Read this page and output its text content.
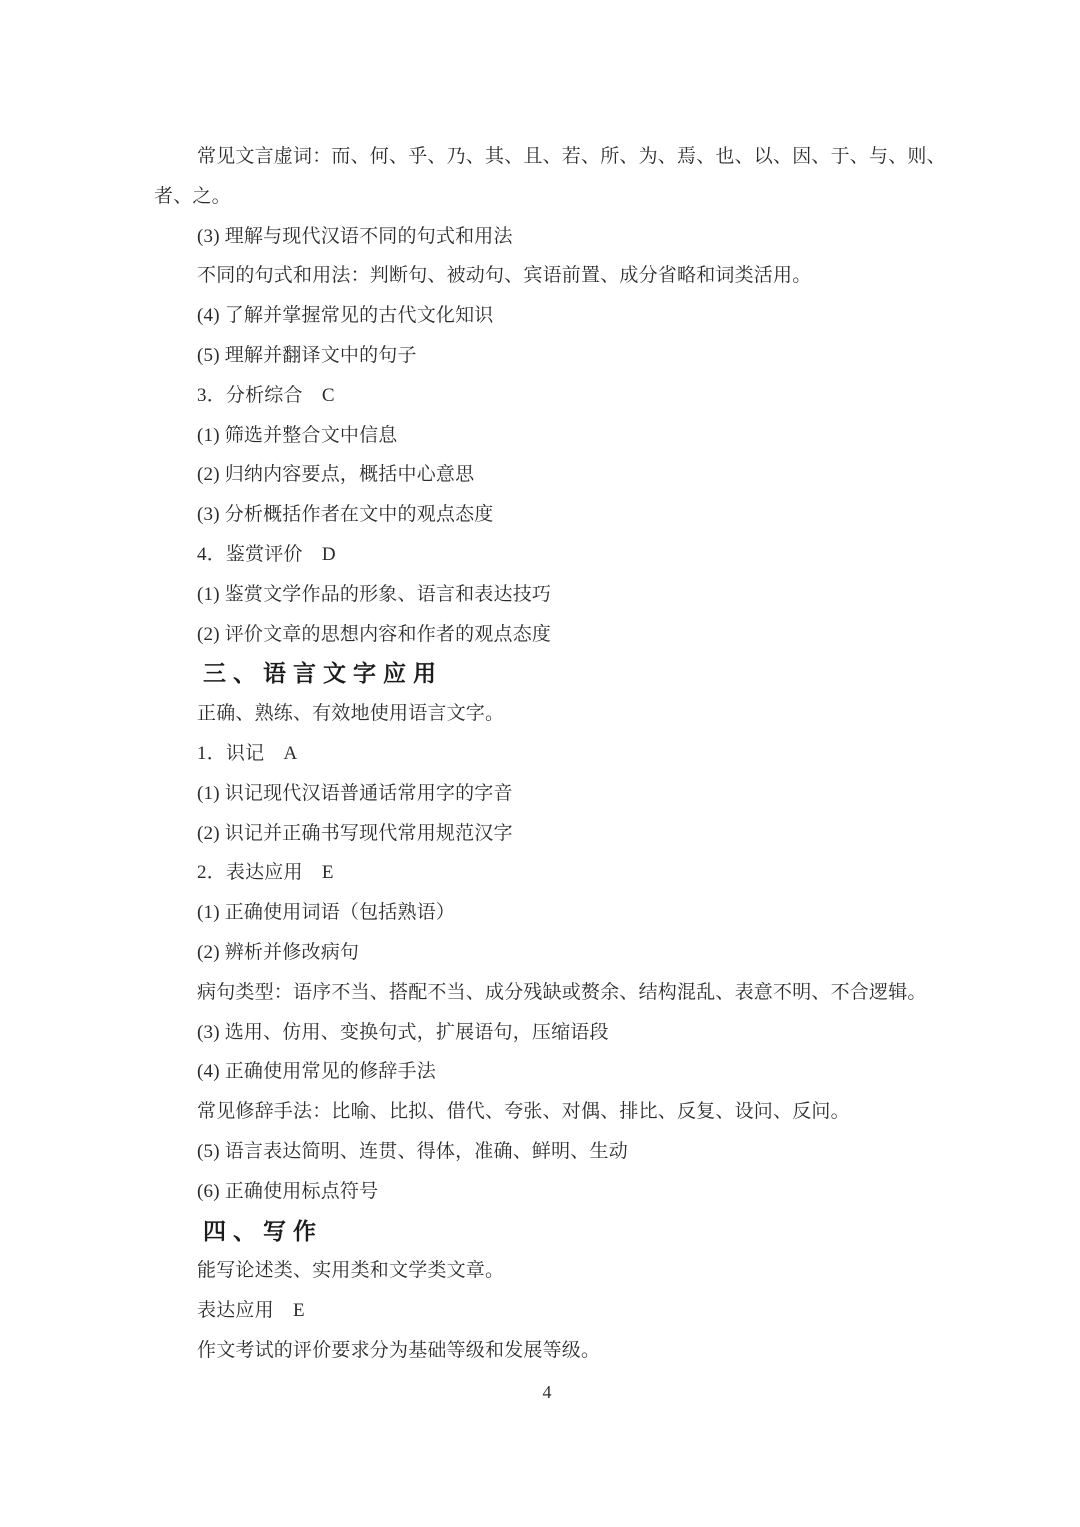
常见文言虚词：而、何、乎、乃、其、且、若、所、为、焉、也、以、因、于、与、则、
者、之。
(3) 理解与现代汉语不同的句式和用法
不同的句式和用法：判断句、被动句、宾语前置、成分省略和词类活用。
(4) 了解并掌握常见的古代文化知识
(5) 理解并翻译文中的句子
3．分析综合　C
(1) 筛选并整合文中信息
(2) 归纳内容要点，概括中心意思
(3) 分析概括作者在文中的观点态度
4．鉴赏评价　D
(1) 鉴赏文学作品的形象、语言和表达技巧
(2) 评价文章的思想内容和作者的观点态度
三、语言文字应用
正确、熟练、有效地使用语言文字。
1．识记　A
(1) 识记现代汉语普通话常用字的字音
(2) 识记并正确书写现代常用规范汉字
2．表达应用　E
(1) 正确使用词语（包括熟语）
(2) 辨析并修改病句
病句类型：语序不当、搭配不当、成分残缺或赘余、结构混乱、表意不明、不合逻辑。
(3) 选用、仿用、变换句式，扩展语句，压缩语段
(4) 正确使用常见的修辞手法
常见修辞手法：比喻、比拟、借代、夸张、对偶、排比、反复、设问、反问。
(5) 语言表达简明、连贯、得体，准确、鲜明、生动
(6) 正确使用标点符号
四、写作
能写论述类、实用类和文学类文章。
表达应用　E
作文考试的评价要求分为基础等级和发展等级。
4
